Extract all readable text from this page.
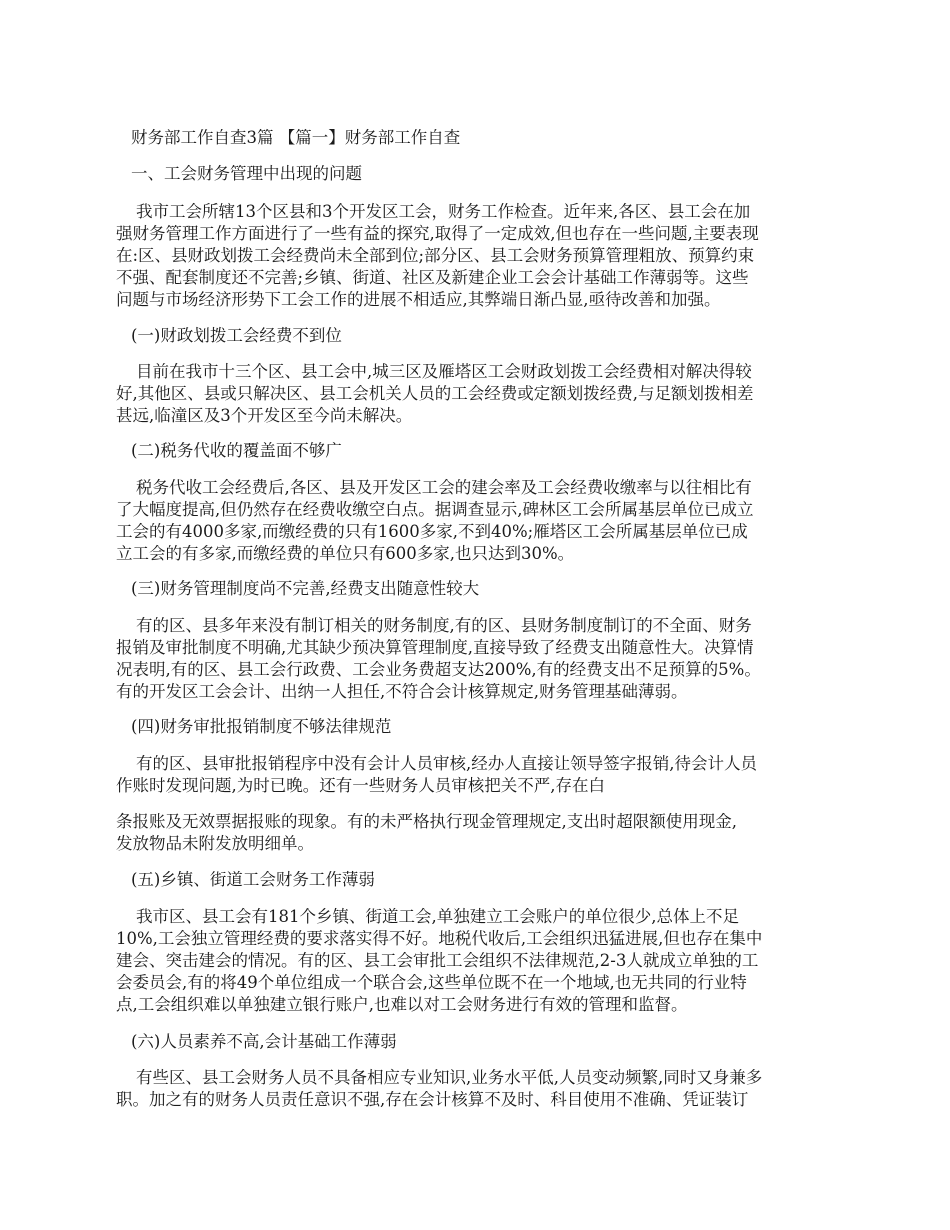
财务部工作自查3篇 【篇一】财务部工作自查
一、工会财务管理中出现的问题
我市工会所辖13个区县和3个开发区工会，财务工作检查。近年来,各区、县工会在加
强财务管理工作方面进行了一些有益的探究,取得了一定成效,但也存在一些问题,主要表现
在:区、县财政划拨工会经费尚未全部到位;部分区、县工会财务预算管理粗放、预算约束
不强、配套制度还不完善;乡镇、街道、社区及新建企业工会会计基础工作薄弱等。这些
问题与市场经济形势下工会工作的进展不相适应,其弊端日渐凸显,亟待改善和加强。
(一)财政划拨工会经费不到位
目前在我市十三个区、县工会中,城三区及雁塔区工会财政划拨工会经费相对解决得较
好,其他区、县或只解决区、县工会机关人员的工会经费或定额划拨经费,与足额划拨相差
甚远,临潼区及3个开发区至今尚未解决。
(二)税务代收的覆盖面不够广
税务代收工会经费后,各区、县及开发区工会的建会率及工会经费收缴率与以往相比有
了大幅度提高,但仍然存在经费收缴空白点。据调查显示,碑林区工会所属基层单位已成立
工会的有4000多家,而缴经费的只有1600多家,不到40%;雁塔区工会所属基层单位已成
立工会的有多家,而缴经费的单位只有600多家,也只达到30%。
(三)财务管理制度尚不完善,经费支出随意性较大
有的区、县多年来没有制订相关的财务制度,有的区、县财务制度制订的不全面、财务
报销及审批制度不明确,尤其缺少预决算管理制度,直接导致了经费支出随意性大。决算情
况表明,有的区、县工会行政费、工会业务费超支达200%,有的经费支出不足预算的5%。
有的开发区工会会计、出纳一人担任,不符合会计核算规定,财务管理基础薄弱。
(四)财务审批报销制度不够法律规范
有的区、县审批报销程序中没有会计人员审核,经办人直接让领导签字报销,待会计人员
作账时发现问题,为时已晚。还有一些财务人员审核把关不严,存在白
条报账及无效票据报账的现象。有的未严格执行现金管理规定,支出时超限额使用现金,
发放物品未附发放明细单。
(五)乡镇、街道工会财务工作薄弱
我市区、县工会有181个乡镇、街道工会,单独建立工会账户的单位很少,总体上不足
10%,工会独立管理经费的要求落实得不好。地税代收后,工会组织迅猛进展,但也存在集中
建会、突击建会的情况。有的区、县工会审批工会组织不法律规范,2-3人就成立单独的工
会委员会,有的将49个单位组成一个联合会,这些单位既不在一个地域,也无共同的行业特
点,工会组织难以单独建立银行账户,也难以对工会财务进行有效的管理和监督。
(六)人员素养不高,会计基础工作薄弱
有些区、县工会财务人员不具备相应专业知识,业务水平低,人员变动频繁,同时又身兼多
职。加之有的财务人员责任意识不强,存在会计核算不及时、科目使用不准确、凭证装订
